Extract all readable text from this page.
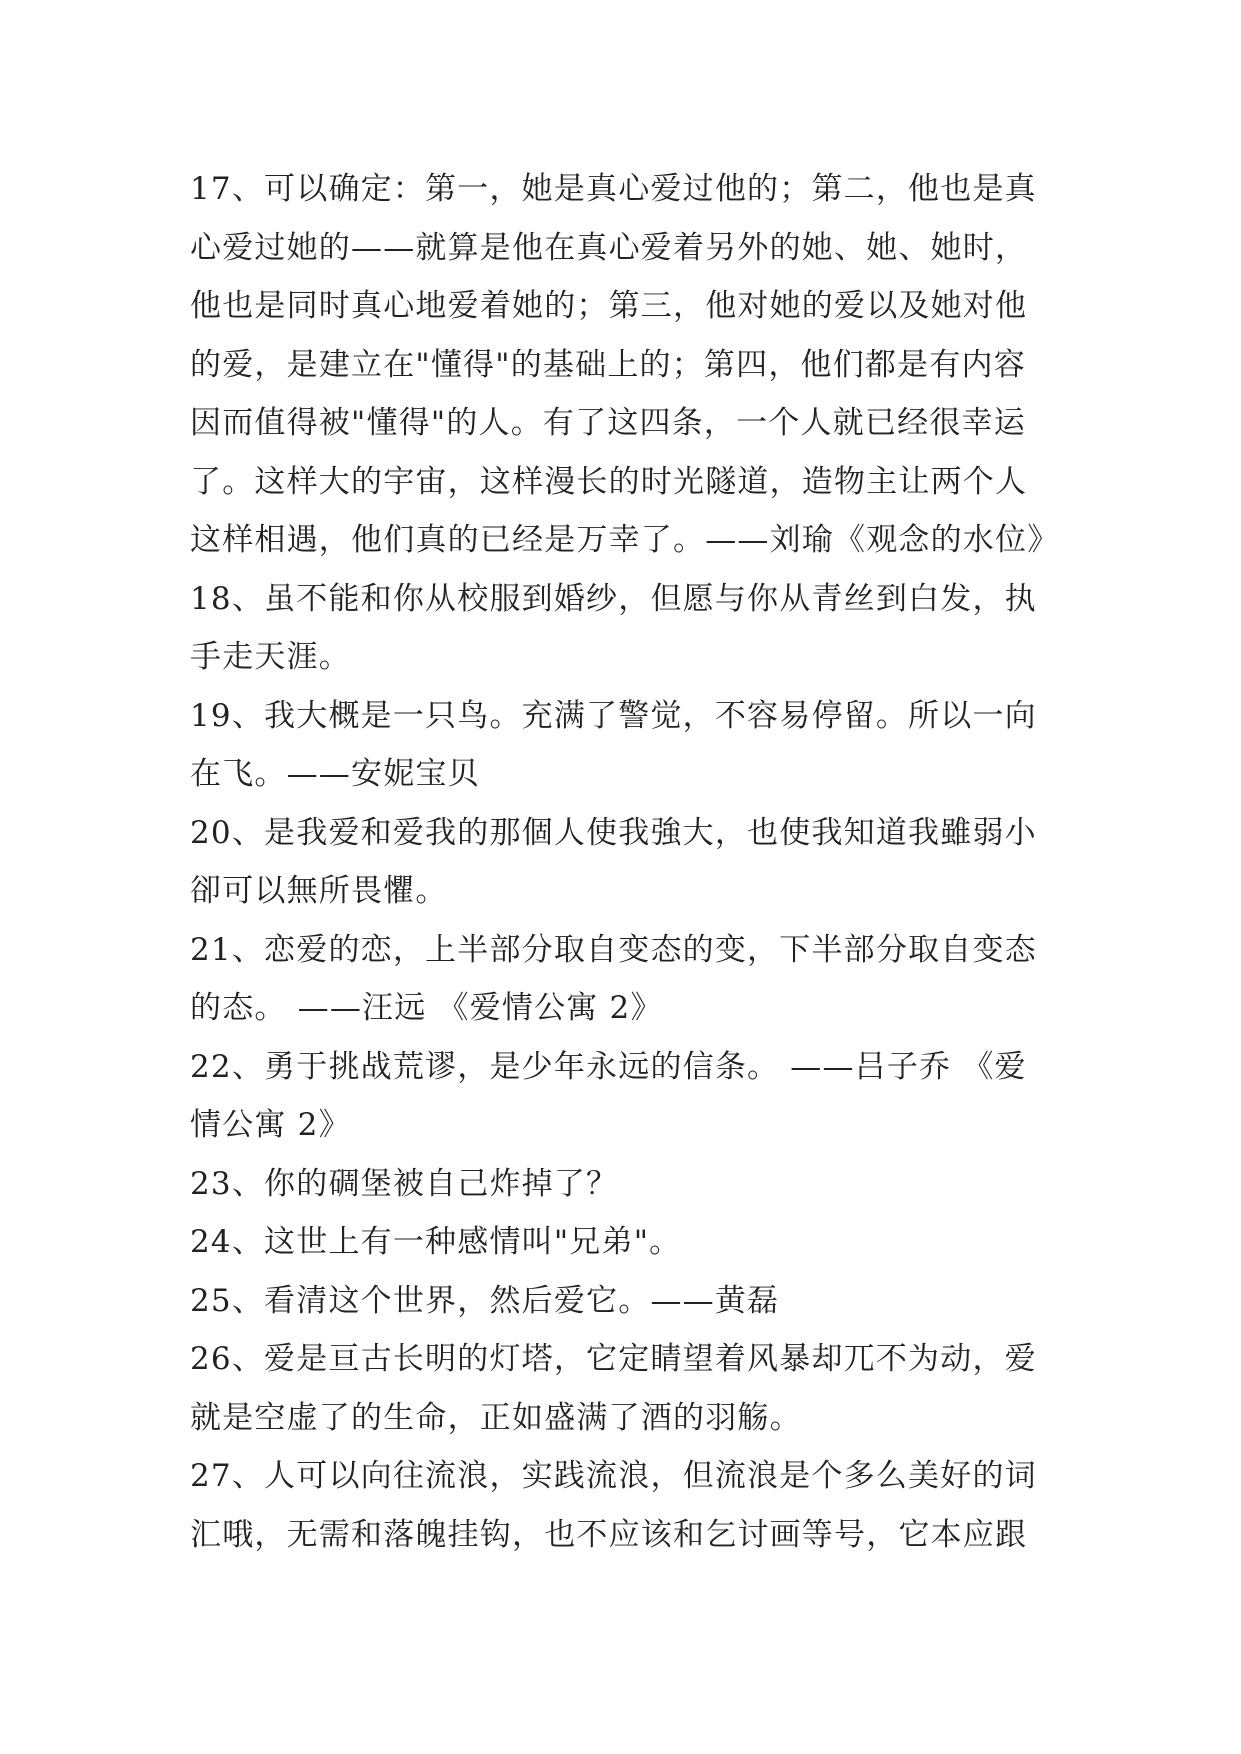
17、可以确定：第一，她是真心爱过他的；第二，他也是真
心爱过她的——就算是他在真心爱着另外的她、她、她时，
他也是同时真心地爱着她的；第三，他对她的爱以及她对他
的爱，是建立在"懂得"的基础上的；第四，他们都是有内容
因而值得被"懂得"的人。有了这四条，一个人就已经很幸运
了。这样大的宇宙，这样漫长的时光隧道，造物主让两个人
这样相遇，他们真的已经是万幸了。——刘瑜《观念的水位》
18、虽不能和你从校服到婚纱，但愿与你从青丝到白发，执
手走天涯。
19、我大概是一只鸟。充满了警觉，不容易停留。所以一向
在飞。——安妮宝贝
20、是我爱和爱我的那個人使我強大，也使我知道我雖弱小
卻可以無所畏懼。
21、恋爱的恋，上半部分取自变态的变，下半部分取自变态
的态。 ——汪远 《爱情公寓 2》
22、勇于挑战荒谬，是少年永远的信条。 ——吕子乔 《爱
情公寓 2》
23、你的碉堡被自己炸掉了？
24、这世上有一种感情叫"兄弟"。
25、看清这个世界，然后爱它。——黄磊
26、爱是亘古长明的灯塔，它定睛望着风暴却兀不为动，爱
就是空虚了的生命，正如盛满了酒的羽觞。
27、人可以向往流浪，实践流浪，但流浪是个多么美好的词
汇哦，无需和落魄挂钩，也不应该和乞讨画等号，它本应跟
